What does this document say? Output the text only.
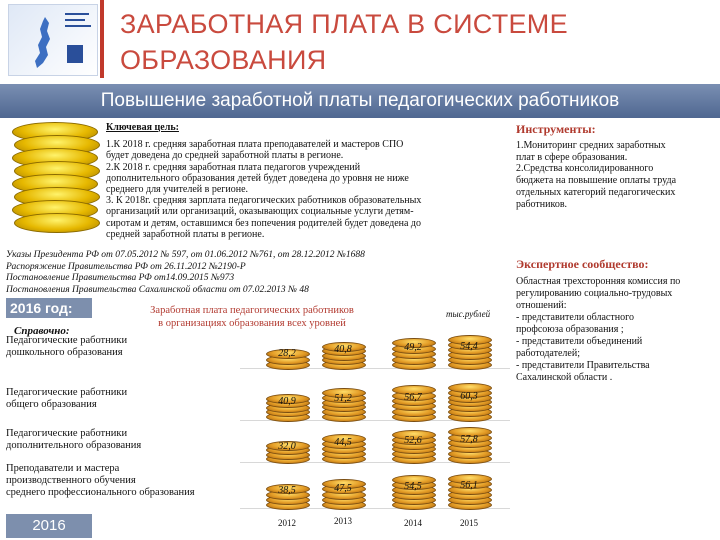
ЗАРАБОТНАЯ ПЛАТА В СИСТЕМЕ ОБРАЗОВАНИЯ
Повышение заработной платы педагогических работников
Ключевая цель:
1.К 2018 г. средняя заработная плата преподавателей и мастеров СПО
будет доведена до средней заработной платы в регионе.
2.К 2018 г. средняя заработная плата педагогов учреждений
дополнительного образования детей будет доведена до уровня не ниже
среднего для учителей в регионе.
3. К 2018г. средняя зарплата педагогических работников образовательных
организаций или организаций, оказывающих социальные услуги детям-
сиротам и детям, оставшимся без попечения родителей будет доведена до
средней заработной платы в регионе.
Инструменты:
1.Мониторинг средних заработных
плат в сфере образования.
2.Средства консолидированного
бюджета на повышение оплаты труда
отдельных категорий педагогических
работников.
Указы Президента РФ от 07.05.2012 № 597, от 01.06.2012 №761, от 28.12.2012 №1688
Распоряжение Правительства РФ от 26.11.2012 №2190-Р
Постановление Правительства РФ от14.09.2015 №973
Постановления Правительства Сахалинской области от 07.02.2013 № 48
Экспертное сообщество:
Областная трехсторонняя комиссия по
регулированию социально-трудовых
отношений:
- представители областного
профсоюза образования ;
- представители объединений
работодателей;
- представители Правительства
Сахалинской области .
2016 год:
Справочно:
Заработная плата педагогических работников
в организациях образования всех уровней
тыс.рублей
Педагогические работники
дошкольного образования	28,2	40,8	49,2	54,4
Педагогические работники
общего образования	40,9	51,2	56,7	60,3
Педагогические работники
дополнительного образования	32,0	44,5	52,6	57,8
Преподаватели и мастера
производственного обучения
среднего профессионального образования	38,5	47,5	54,5	56,1
2012	2013	2014	2015
2016
